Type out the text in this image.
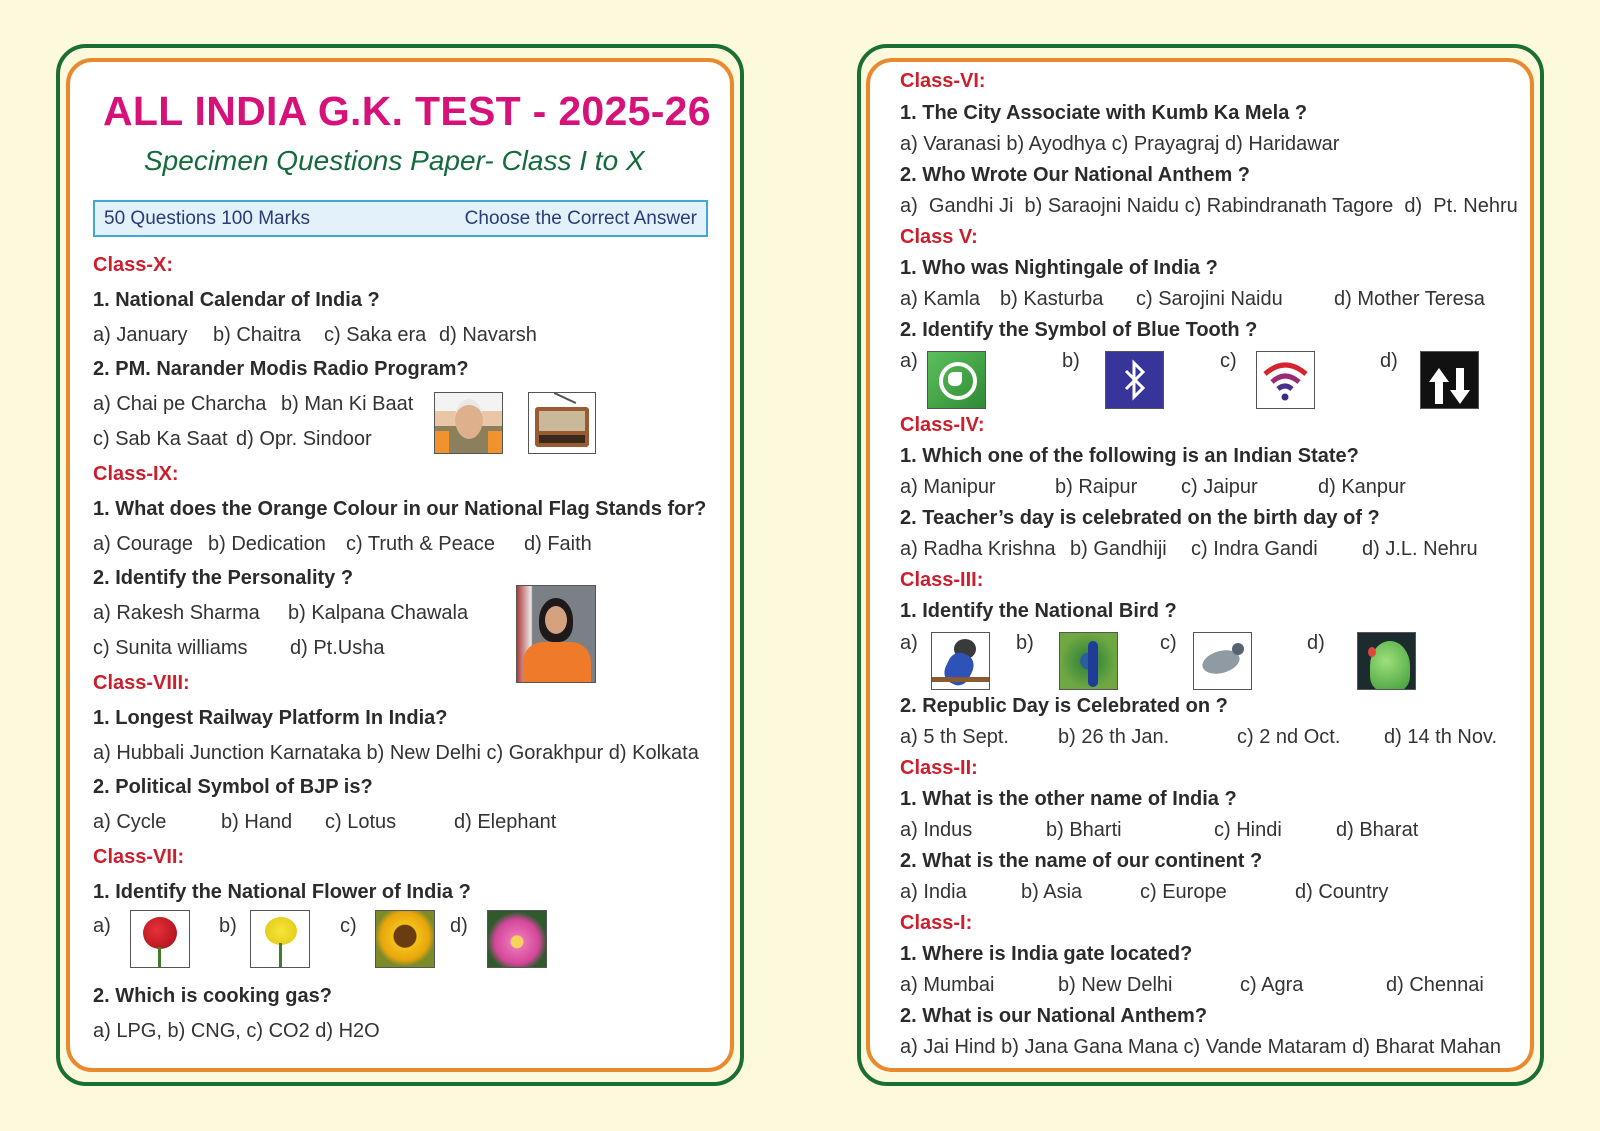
ALL INDIA G.K. TEST - 2025-26
Specimen Questions Paper- Class I to X
50 Questions 100 Marks	Choose the Correct Answer
Class-X:
1. National Calendar of India ?
a) January b) Chaitra c) Saka era d) Navarsh
2. PM. Narander Modis Radio Program?
a) Chai pe Charcha b) Man Ki Baat
c) Sab Ka Saat d) Opr. Sindoor
Class-IX:
1. What does the Orange Colour in our National Flag Stands for?
a) Courage b) Dedication c) Truth & Peace d) Faith
2. Identify the Personality ?
a) Rakesh Sharma b) Kalpana Chawala
c) Sunita williams d) Pt.Usha
Class-VIII:
1. Longest Railway Platform In India?
a) Hubbali Junction Karnataka b) New Delhi c) Gorakhpur d) Kolkata
2. Political Symbol of BJP is?
a) Cycle	b) Hand c) Lotus	d) Elephant
Class-VII:
1. Identify the National Flower of India ?
a)	b)	c)	d)
2. Which is cooking gas?
a) LPG, b) CNG, c) CO2 d) H2O
Class-VI:
1. The City Associate with Kumb Ka Mela ?
a) Varanasi b) Ayodhya c) Prayagraj d) Haridawar
2. Who Wrote Our National Anthem ?
a)  Gandhi Ji  b) Saraojni Naidu c) Rabindranath Tagore  d)  Pt. Nehru
Class V:
1. Who was Nightingale of India ?
a) Kamla b) Kasturba c) Sarojini Naidu	d) Mother Teresa
2. Identify the Symbol of Blue Tooth ?
a)	b)	c)	d)
Class-IV:
1. Which one of the following is an Indian State?
a) Manipur	b) Raipur c) Jaipur	d) Kanpur
2. Teacher’s day is celebrated on the birth day of ?
a) Radha Krishna b) Gandhiji c) Indra Gandi d) J.L. Nehru
Class-III:
1. Identify the National Bird ?
a)	b)	c)	d)
2. Republic Day is Celebrated on ?
a) 5 th Sept. b) 26 th Jan.	c) 2 nd Oct. d) 14 th Nov.
Class-II:
1. What is the other name of India ?
a) Indus	b) Bharti	c) Hindi	d) Bharat
2. What is the name of our continent ?
a) India	b) Asia	c) Europe	d) Country
Class-I:
1. Where is India gate located?
a) Mumbai	b) New Delhi	c) Agra	d) Chennai
2. What is our National Anthem?
a) Jai Hind b) Jana Gana Mana c) Vande Mataram d) Bharat Mahan
